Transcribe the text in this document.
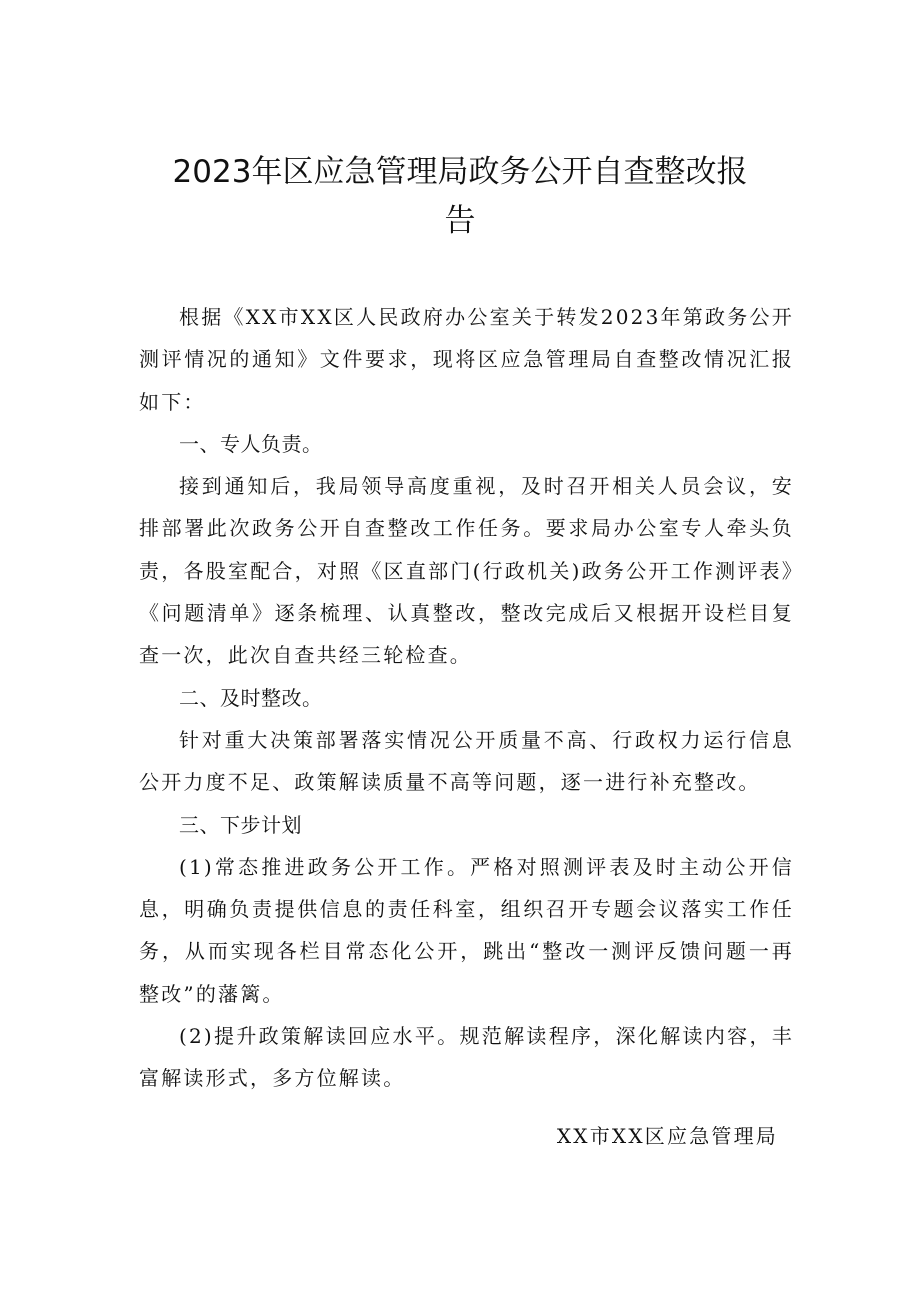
2023年区应急管理局政务公开自查整改报
告

根据《XX市XX区人民政府办公室关于转发2023年第政务公开测评情况的通知》文件要求，现将区应急管理局自查整改情况汇报如下：

一、专人负责。

接到通知后，我局领导高度重视，及时召开相关人员会议，安排部署此次政务公开自查整改工作任务。要求局办公室专人牵头负责，各股室配合，对照《区直部门(行政机关)政务公开工作测评表》《问题清单》逐条梳理、认真整改，整改完成后又根据开设栏目复查一次，此次自查共经三轮检查。

二、及时整改。

针对重大决策部署落实情况公开质量不高、行政权力运行信息公开力度不足、政策解读质量不高等问题，逐一进行补充整改。

三、下步计划

(1)常态推进政务公开工作。严格对照测评表及时主动公开信息，明确负责提供信息的责任科室，组织召开专题会议落实工作任务，从而实现各栏目常态化公开，跳出“整改一测评反馈问题一再整改”的藩篱。

(2)提升政策解读回应水平。规范解读程序，深化解读内容，丰富解读形式，多方位解读。

XX市XX区应急管理局
